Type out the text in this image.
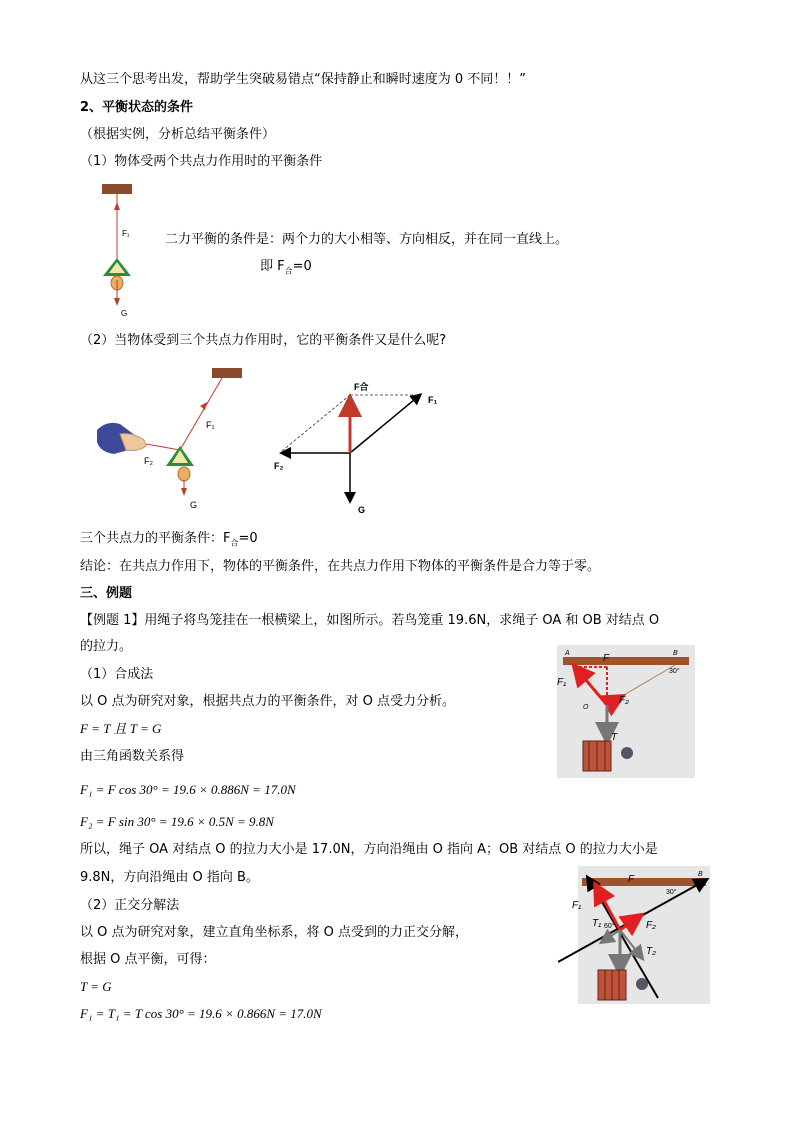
从这三个思考出发，帮助学生突破易错点“保持静止和瞬时速度为 0 不同！！”
2、平衡状态的条件
（根据实例，分析总结平衡条件）
（1）物体受两个共点力作用时的平衡条件
F₁
G
二力平衡的条件是：两个力的大小相等、方向相反，并在同一直线上。
即 $F_合=0$
（2）当物体受到三个共点力作用时，它的平衡条件又是什么呢?
F₁
F₂
G
F合
F₁
F₂
G
三个共点力的平衡条件：$F_合=0$
结论：在共点力作用下，物体的平衡条件，在共点力作用下物体的平衡条件是合力等于零。
三、例题
【例题 1】用绳子将鸟笼挂在一根横梁上，如图所示。若鸟笼重 19.6N，求绳子 OA 和 OB 对结点 O
的拉力。
（1）合成法
以 O 点为研究对象，根据共点力的平衡条件，对 O 点受力分析。
F = T 且 T = G
由三角函数关系得
F₁ = F cos 30° = 19.6 × 0.886N = 17.0N
F₂ = F sin 30° = 19.6 × 0.5N = 9.8N
所以，绳子 OA 对结点 O 的拉力大小是 17.0N，方向沿绳由 O 指向 A；OB 对结点 O 的拉力大小是
9.8N，方向沿绳由 O 指向 B。
（2）正交分解法
以 O 点为研究对象，建立直角坐标系，将 O 点受到的力正交分解，
根据 O 点平衡，可得：
T = G
F₁ = T₁ = T cos 30° = 19.6 × 0.866N = 17.0N
A	B
30°
F
F₁
F₂
O
T
B
30°
60°
F
F₁
F₂
T₁
T₂
